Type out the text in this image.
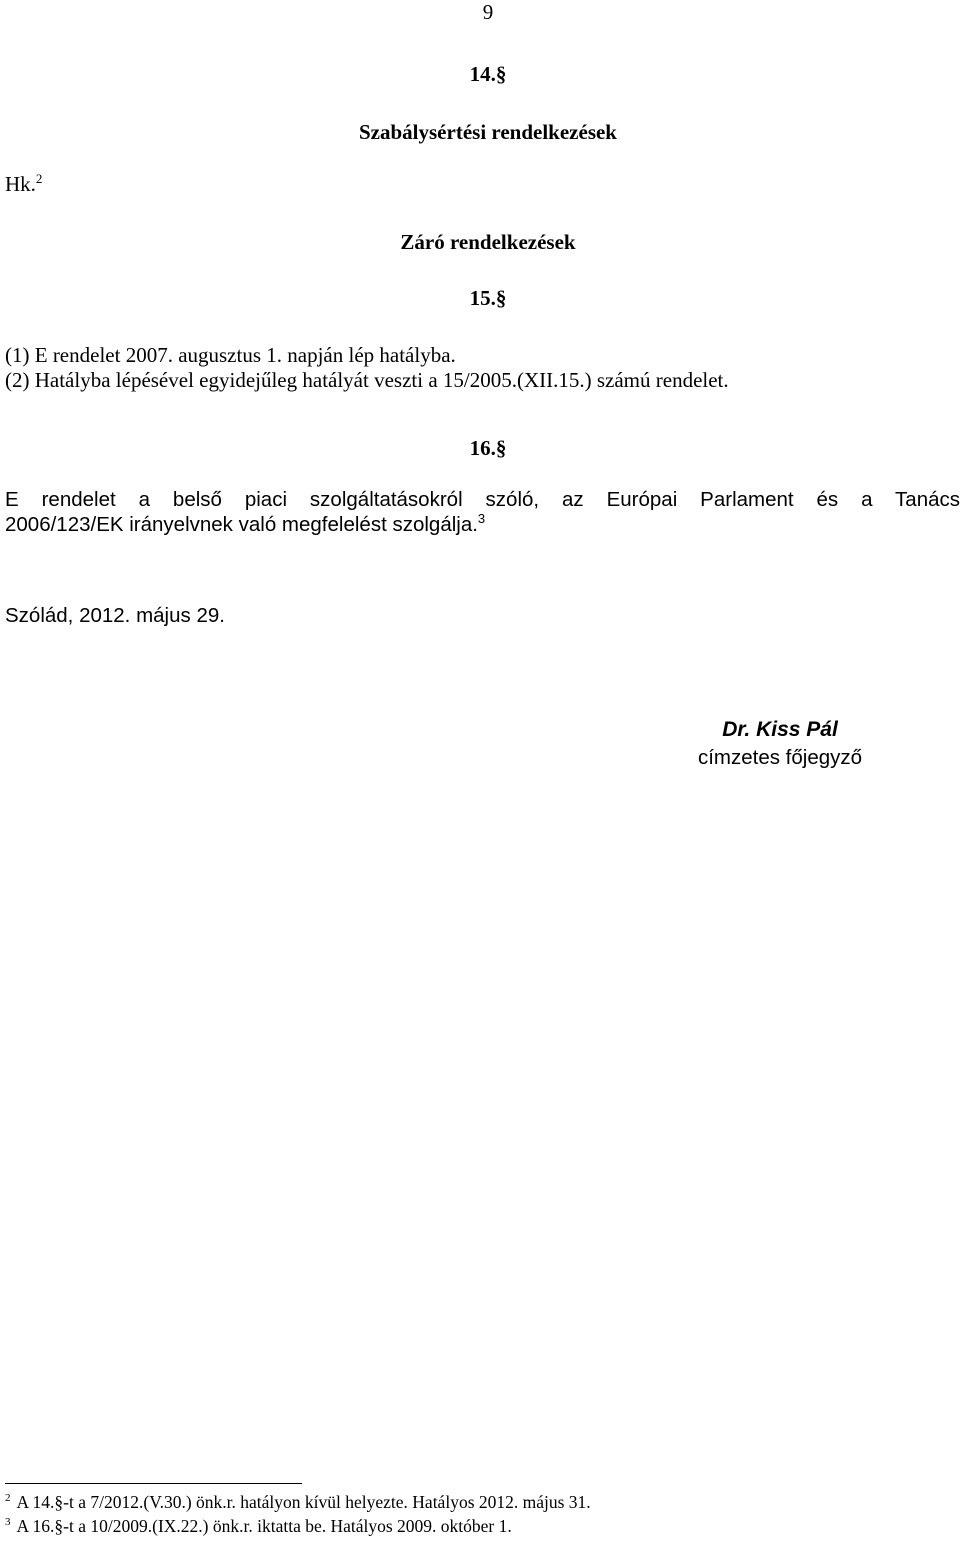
9
14.§
Szabálysértési rendelkezések
Hk.$^2$
Záró rendelkezések
15.§
(1) E rendelet 2007. augusztus 1. napján lép hatályba.
(2) Hatályba lépésével egyidejűleg hatályát veszti a 15/2005.(XII.15.) számú rendelet.
16.§
E rendelet a belső piaci szolgáltatásokról szóló, az Európai Parlament és a Tanács
2006/123/EK irányelvnek való megfelelést szolgálja.$^3$
Szólád, 2012. május 29.
Dr. Kiss Pál
címzetes főjegyző
$^2$ A 14.§-t a 7/2012.(V.30.) önk.r. hatályon kívül helyezte. Hatályos 2012. május 31.
$^3$ A 16.§-t a 10/2009.(IX.22.) önk.r. iktatta be. Hatályos 2009. október 1.
